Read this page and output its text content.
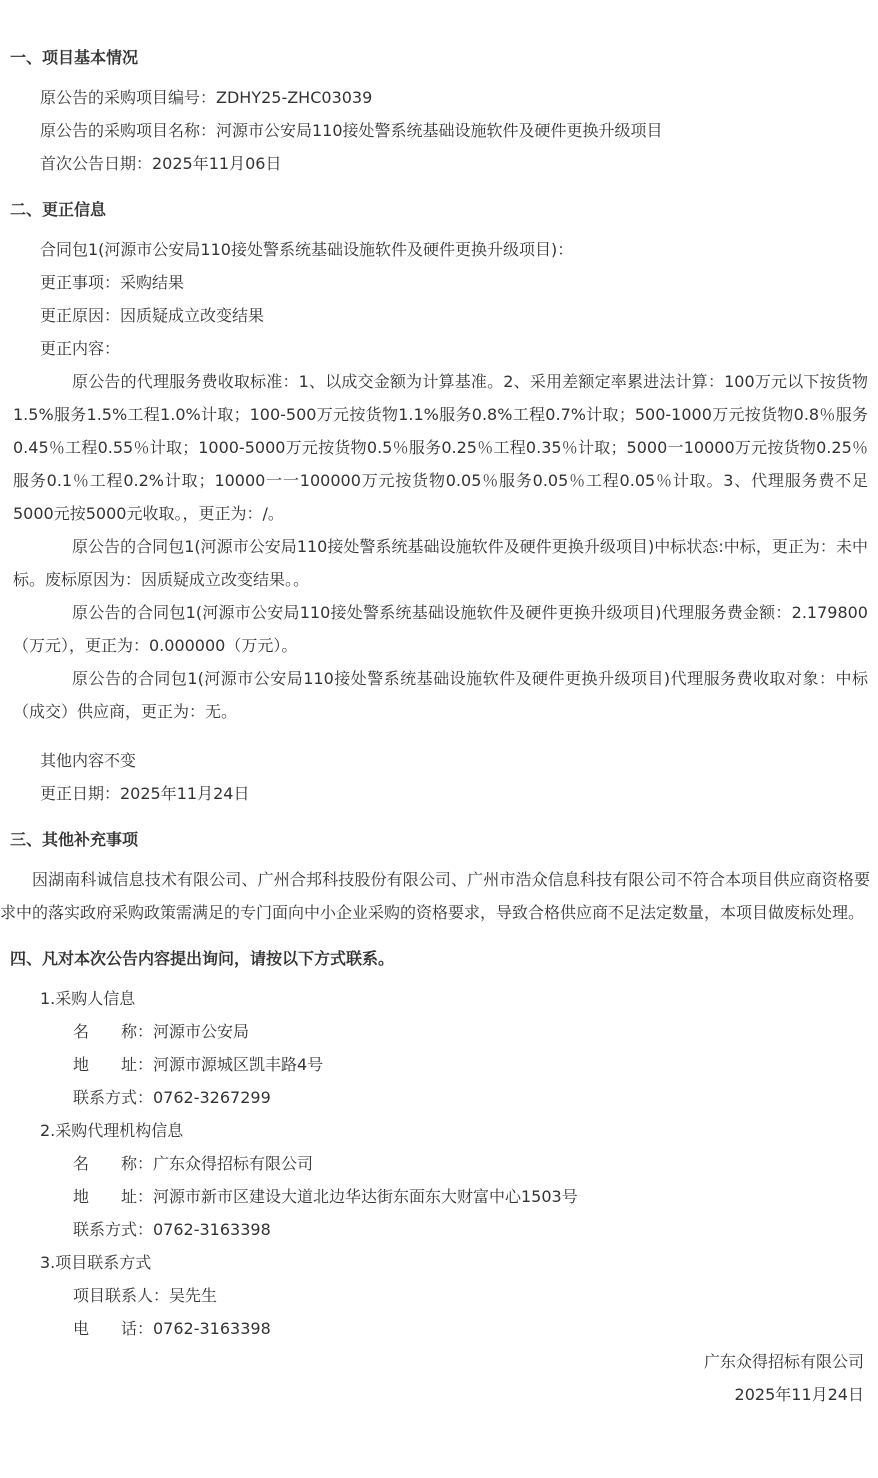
一、项目基本情况

原公告的采购项目编号：ZDHY25-ZHC03039

原公告的采购项目名称：河源市公安局110接处警系统基础设施软件及硬件更换升级项目

首次公告日期：2025年11月06日

二、更正信息

合同包1(河源市公安局110接处警系统基础设施软件及硬件更换升级项目)：

更正事项：采购结果

更正原因：因质疑成立改变结果

更正内容：

原公告的代理服务费收取标准：1、以成交金额为计算基准。2、采用差额定率累进法计算：100万元以下按货物1.5%服务1.5%工程1.0%计取；100-500万元按货物1.1%服务0.8%工程0.7%计取；500-1000万元按货物0.8％服务0.45％工程0.55％计取；1000-5000万元按货物0.5％服务0.25％工程0.35％计取；5000一10000万元按货物0.25％服务0.1％工程0.2%计取；10000一一100000万元按货物0.05％服务0.05％工程0.05％计取。3、代理服务费不足5000元按5000元收取。，更正为：/。

原公告的合同包1(河源市公安局110接处警系统基础设施软件及硬件更换升级项目)中标状态:中标，更正为：未中标。废标原因为：因质疑成立改变结果。。

原公告的合同包1(河源市公安局110接处警系统基础设施软件及硬件更换升级项目)代理服务费金额：2.179800（万元），更正为：0.000000（万元）。

原公告的合同包1(河源市公安局110接处警系统基础设施软件及硬件更换升级项目)代理服务费收取对象：中标（成交）供应商，更正为：无。

其他内容不变

更正日期：2025年11月24日

三、其他补充事项

因湖南科诚信息技术有限公司、广州合邦科技股份有限公司、广州市浩众信息科技有限公司不符合本项目供应商资格要求中的落实政府采购政策需满足的专门面向中小企业采购的资格要求，导致合格供应商不足法定数量，本项目做废标处理。

四、凡对本次公告内容提出询问，请按以下方式联系。

1.采购人信息

名　　称：河源市公安局

地　　址：河源市源城区凯丰路4号

联系方式：0762-3267299

2.采购代理机构信息

名　　称：广东众得招标有限公司

地　　址：河源市新市区建设大道北边华达街东面东大财富中心1503号

联系方式：0762-3163398

3.项目联系方式

项目联系人：吴先生

电　　话：0762-3163398

广东众得招标有限公司

2025年11月24日
